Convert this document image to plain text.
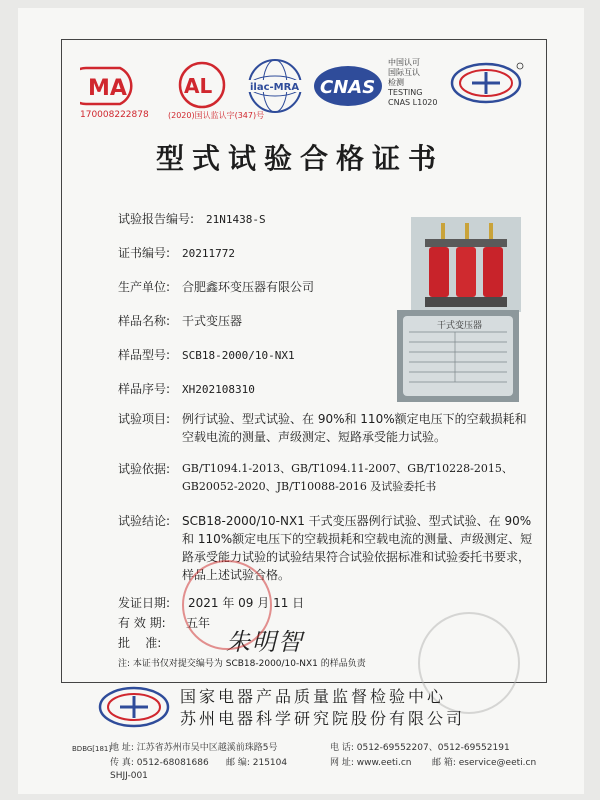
MA
170008222878
AL
(2020)国认监认字(347)号
ilac-MRA CNAS
中国认可
国际互认
检测
TESTING
CNAS L1020
型式试验合格证书
试验报告编号: 21N1438-S
证书编号: 20211772
生产单位: 合肥鑫环变压器有限公司
样品名称: 干式变压器
样品型号: SCB18-2000/10-NX1
样品序号: XH202108310
干式变压器
试验项目: 例行试验、型式试验、在 90%和 110%额定电压下的空载损耗和空载电流的测量、声级测定、短路承受能力试验。
试验依据:	GB/T1094.1-2013、GB/T1094.11-2007、GB/T10228-2015、GB20052-2020、JB/T10088-2016 及试验委托书
试验结论: SCB18-2000/10-NX1 干式变压器例行试验、型式试验、在 90%和 110%额定电压下的空载损耗和空载电流的测量、声级测定、短路承受能力试验的试验结果符合试验依据标准和试验委托书要求，样品上述试验合格。
发证日期: 2021 年 09 月 11 日
有 效 期: 五年
批    准:	朱明智
注: 本证书仅对提交编号为 SCB18-2000/10-NX1 的样品负责
国家电器产品质量监督检验中心
苏州电器科学研究院股份有限公司
BDBG[181]
地 址: 江苏省苏州市吴中区越溪前珠路5号	电 话: 0512-69552207、0512-69552191
传 真: 0512-68081686 邮 编: 215104	网 址: www.eeti.cn 邮 箱: eservice@eeti.cn
SHJJ-001
